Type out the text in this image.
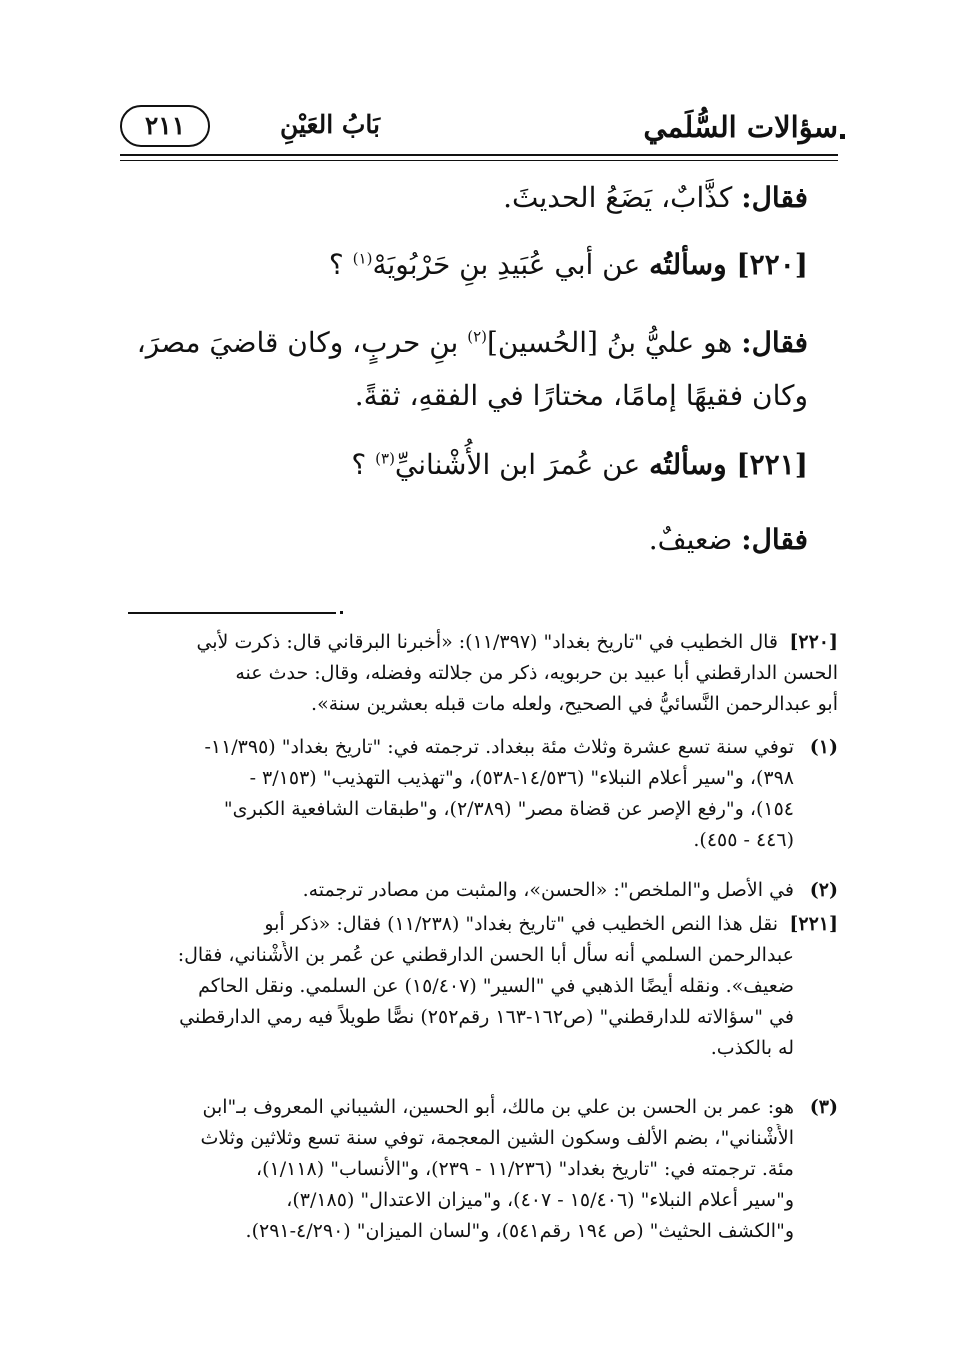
سؤالات السُّلَمي
بَابُ العَيْنِ
٢١١
فقال: كذَّابٌ، يَضَعُ الحديثَ.
[٢٢٠] وسألتُه عن أبي عُبَيدِ بنِ حَرْبُويَهْ$^{(١)}$ ؟
فقال: هو عليُّ بنُ [الحُسين]$^{(٢)}$ بنِ حربٍ، وكان قاضيَ مصرَ،
وكان فقيهًا إمامًا، مختارًا في الفقهِ، ثقةً.
[٢٢١] وسألتُه عن عُمرَ ابن الأُشْنانيِّ$^{(٣)}$ ؟
فقال: ضعيفٌ.
[٢٢٠]
قال الخطيب في "تاريخ بغداد" (١١/٣٩٧): «أخبرنا البرقاني قال: ذكرت لأبي
الحسن الدارقطني أبا عبيد بن حربويه، ذكر من جلالته وفضله، وقال: حدث عنه
أبو عبدالرحمن النَّسائيُّ في الصحيح، ولعله مات قبله بعشرين سنة».
(١)
توفي سنة تسع عشرة وثلاث مئة ببغداد. ترجمته في: "تاريخ بغداد" (١١/٣٩٥-
٣٩٨)، و"سير أعلام النبلاء" (١٤/٥٣٦-٥٣٨)، و"تهذيب التهذيب" (٣/١٥٣ -
١٥٤)، و"رفع الإصر عن قضاة مصر" (٢/٣٨٩)، و"طبقات الشافعية الكبرى"
(٤٤٦ - ٤٥٥).
(٢)
في الأصل و"الملخص": «الحسن»، والمثبت من مصادر ترجمته.
[٢٢١]
نقل هذا النص الخطيب في "تاريخ بغداد" (١١/٢٣٨) فقال: «ذكر أبو
عبدالرحمن السلمي أنه سأل أبا الحسن الدارقطني عن عُمر بن الأُشْناني، فقال:
ضعيف». ونقله أيضًا الذهبي في "السير" (١٥/٤٠٧) عن السلمي. ونقل الحاكم
في "سؤالاته للدارقطني" (ص١٦٢-١٦٣ رقم٢٥٢) نصًّا طويلاً فيه رمي الدارقطني
له بالكذب.
(٣)
هو: عمر بن الحسن بن علي بن مالك، أبو الحسين، الشيباني المعروف بـ"ابن
الأُشْناني"، بضم الألف وسكون الشين المعجمة، توفي سنة تسع وثلاثين وثلاث
مئة. ترجمته في: "تاريخ بغداد" (١١/٢٣٦ - ٢٣٩)، و"الأنساب" (١/١١٨)،
و"سير أعلام النبلاء" (١٥/٤٠٦ - ٤٠٧)، و"ميزان الاعتدال" (٣/١٨٥)،
و"الكشف الحثيث" (ص ١٩٤ رقم٥٤١)، و"لسان الميزان" (٤/٢٩٠-٢٩١).
